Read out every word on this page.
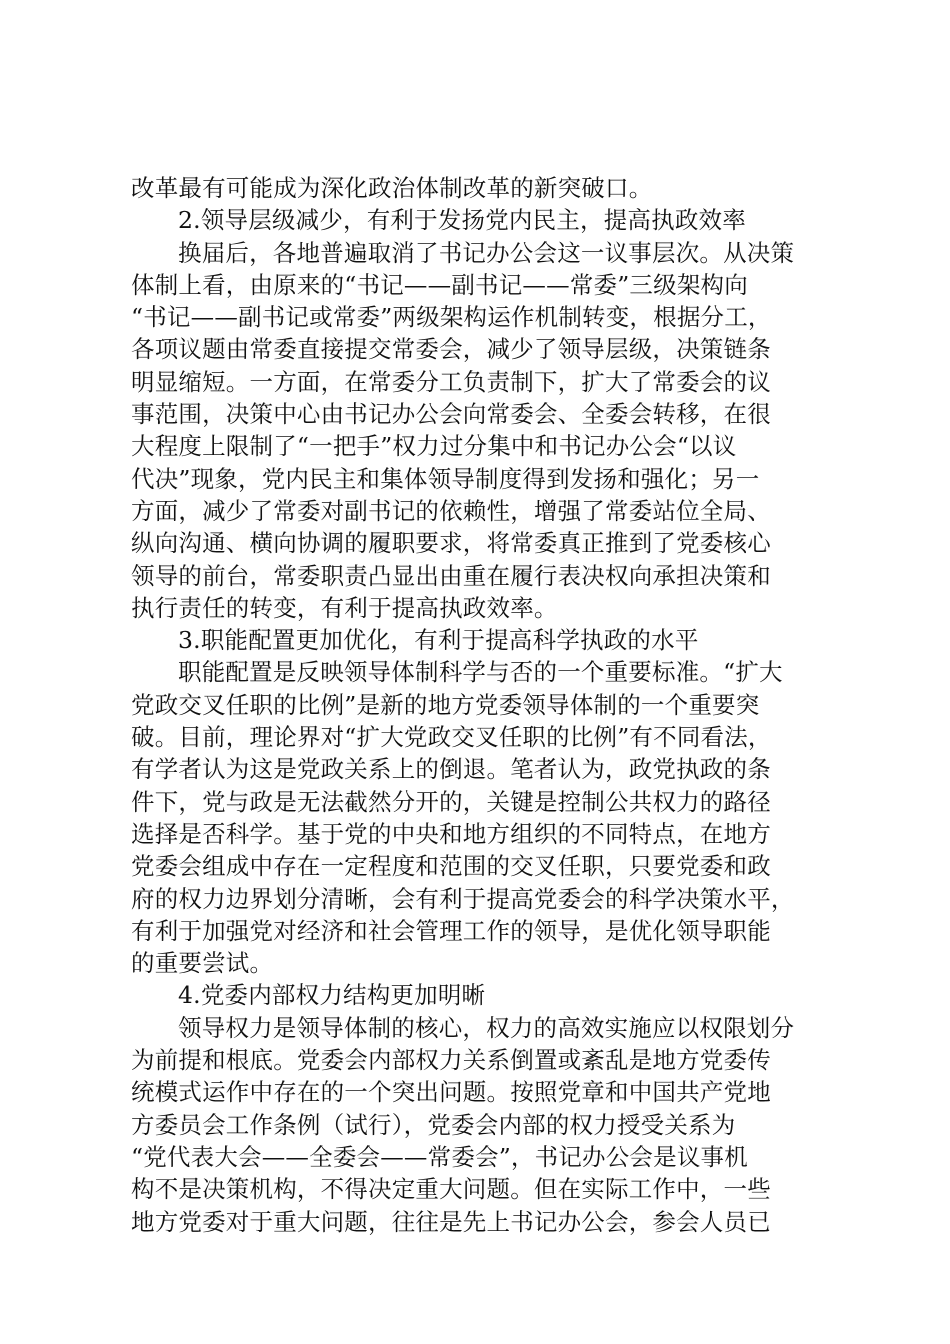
改革最有可能成为深化政治体制改革的新突破口。
2.领导层级减少，有利于发扬党内民主，提高执政效率
换届后，各地普遍取消了书记办公会这一议事层次。从决策
体制上看，由原来的“书记——副书记——常委”三级架构向
“书记——副书记或常委”两级架构运作机制转变，根据分工，
各项议题由常委直接提交常委会，减少了领导层级，决策链条
明显缩短。一方面，在常委分工负责制下，扩大了常委会的议
事范围，决策中心由书记办公会向常委会、全委会转移，在很
大程度上限制了“一把手”权力过分集中和书记办公会“以议
代决”现象，党内民主和集体领导制度得到发扬和强化；另一
方面，减少了常委对副书记的依赖性，增强了常委站位全局、
纵向沟通、横向协调的履职要求，将常委真正推到了党委核心
领导的前台，常委职责凸显出由重在履行表决权向承担决策和
执行责任的转变，有利于提高执政效率。
3.职能配置更加优化，有利于提高科学执政的水平
职能配置是反映领导体制科学与否的一个重要标准。“扩大
党政交叉任职的比例”是新的地方党委领导体制的一个重要突
破。目前，理论界对“扩大党政交叉任职的比例”有不同看法，
有学者认为这是党政关系上的倒退。笔者认为，政党执政的条
件下，党与政是无法截然分开的，关键是控制公共权力的路径
选择是否科学。基于党的中央和地方组织的不同特点，在地方
党委会组成中存在一定程度和范围的交叉任职，只要党委和政
府的权力边界划分清晰，会有利于提高党委会的科学决策水平，
有利于加强党对经济和社会管理工作的领导，是优化领导职能
的重要尝试。
4.党委内部权力结构更加明晰
领导权力是领导体制的核心，权力的高效实施应以权限划分
为前提和根底。党委会内部权力关系倒置或紊乱是地方党委传
统模式运作中存在的一个突出问题。按照党章和中国共产党地
方委员会工作条例（试行），党委会内部的权力授受关系为
“党代表大会——全委会——常委会”，书记办公会是议事机
构不是决策机构，不得决定重大问题。但在实际工作中，一些
地方党委对于重大问题，往往是先上书记办公会，参会人员已
